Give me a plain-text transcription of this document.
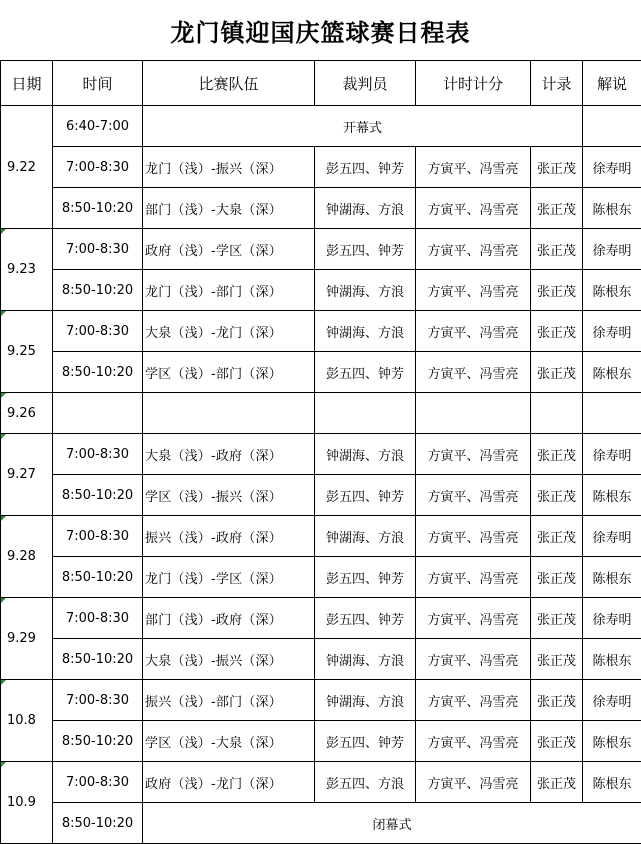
龙门镇迎国庆篮球赛日程表
日期	时间	比赛队伍	裁判员	计时计分	计录	解说
9.22	6:40-7:00	开幕式				
	7:00-8:30	龙门（浅）-振兴（深）	彭五四、钟芳	方寅平、冯雪亮	张正茂	徐寿明
	8:50-10:20	部门（浅）-大泉（深）	钟湖海、方浪	方寅平、冯雪亮	张正茂	陈根东
9.23	7:00-8:30	政府（浅）-学区（深）	彭五四、钟芳	方寅平、冯雪亮	张正茂	徐寿明
	8:50-10:20	龙门（浅）-部门（深）	钟湖海、方浪	方寅平、冯雪亮	张正茂	陈根东
9.25	7:00-8:30	大泉（浅）-龙门（深）	钟湖海、方浪	方寅平、冯雪亮	张正茂	徐寿明
	8:50-10:20	学区（浅）-部门（深）	彭五四、钟芳	方寅平、冯雪亮	张正茂	陈根东
9.26						
9.27	7:00-8:30	大泉（浅）-政府（深）	钟湖海、方浪	方寅平、冯雪亮	张正茂	徐寿明
	8:50-10:20	学区（浅）-振兴（深）	彭五四、钟芳	方寅平、冯雪亮	张正茂	陈根东
9.28	7:00-8:30	振兴（浅）-政府（深）	钟湖海、方浪	方寅平、冯雪亮	张正茂	徐寿明
	8:50-10:20	龙门（浅）-学区（深）	彭五四、钟芳	方寅平、冯雪亮	张正茂	陈根东
9.29	7:00-8:30	部门（浅）-政府（深）	彭五四、钟芳	方寅平、冯雪亮	张正茂	徐寿明
	8:50-10:20	大泉（浅）-振兴（深）	钟湖海、方浪	方寅平、冯雪亮	张正茂	陈根东
10.8	7:00-8:30	振兴（浅）-部门（深）	钟湖海、方浪	方寅平、冯雪亮	张正茂	徐寿明
	8:50-10:20	学区（浅）-大泉（深）	彭五四、钟芳	方寅平、冯雪亮	张正茂	陈根东
10.9	7:00-8:30	政府（浅）-龙门（深）	彭五四、方浪	方寅平、冯雪亮	张正茂	陈根东
	8:50-10:20	闭幕式				
